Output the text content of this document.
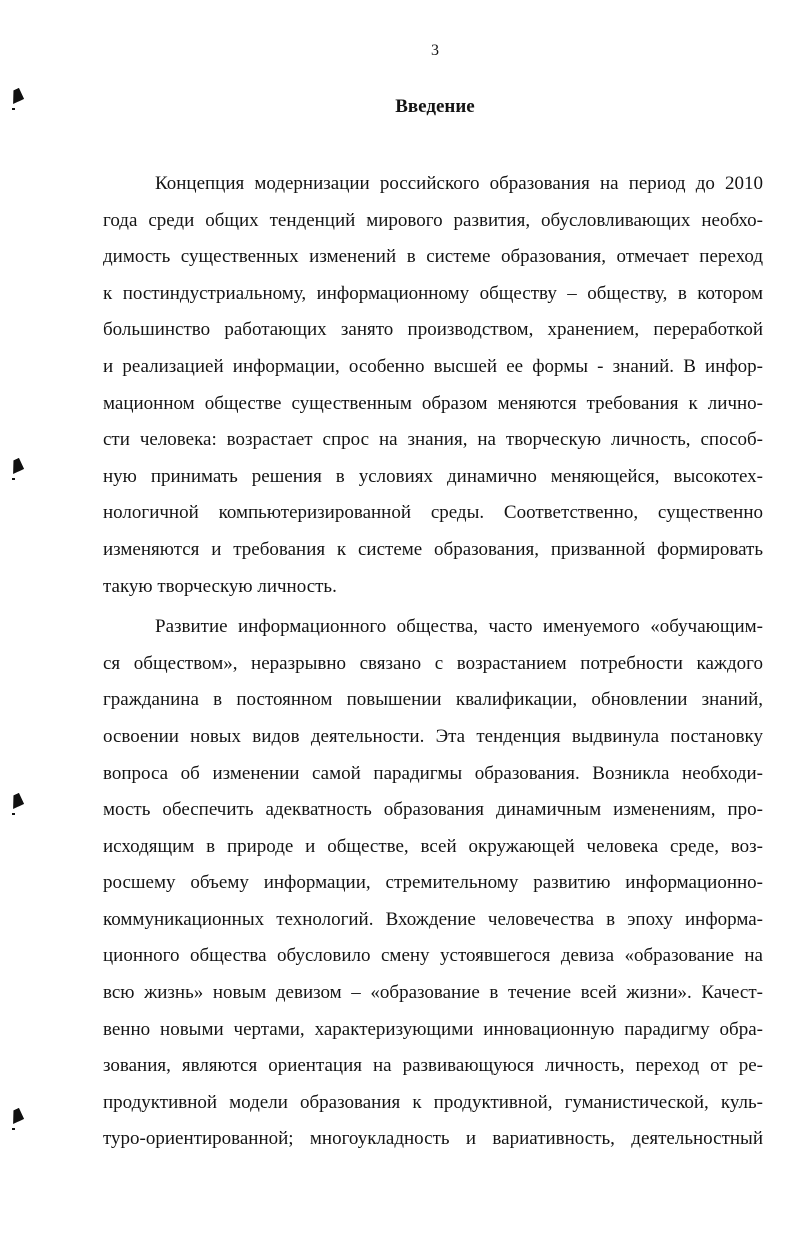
3
Введение
Концепция модернизации российского образования на период до 2010
года среди общих тенденций мирового развития, обусловливающих необхо-
димость существенных изменений в системе образования, отмечает переход
к постиндустриальному, информационному обществу – обществу, в котором
большинство работающих занято производством, хранением, переработкой
и реализацией информации, особенно высшей ее формы - знаний. В инфор-
мационном обществе существенным образом меняются требования к лично-
сти человека: возрастает спрос на знания, на творческую личность, способ-
ную принимать решения в условиях динамично меняющейся, высокотех-
нологичной компьютеризированной среды. Соответственно, существенно
изменяются и требования к системе образования, призванной формировать
такую творческую личность.
Развитие информационного общества, часто именуемого «обучающим-
ся обществом», неразрывно связано с возрастанием потребности каждого
гражданина в постоянном повышении квалификации, обновлении знаний,
освоении новых видов деятельности. Эта тенденция выдвинула постановку
вопроса об изменении самой парадигмы образования. Возникла необходи-
мость обеспечить адекватность образования динамичным изменениям, про-
исходящим в природе и обществе, всей окружающей человека среде, воз-
росшему объему информации, стремительному развитию информационно-
коммуникационных технологий. Вхождение человечества в эпоху информа-
ционного общества обусловило смену устоявшегося девиза «образование на
всю жизнь» новым девизом – «образование в течение всей жизни». Качест-
венно новыми чертами, характеризующими инновационную парадигму обра-
зования, являются ориентация на развивающуюся личность, переход от ре-
продуктивной модели образования к продуктивной, гуманистической, куль-
туро-ориентированной; многоукладность и вариативность, деятельностный
